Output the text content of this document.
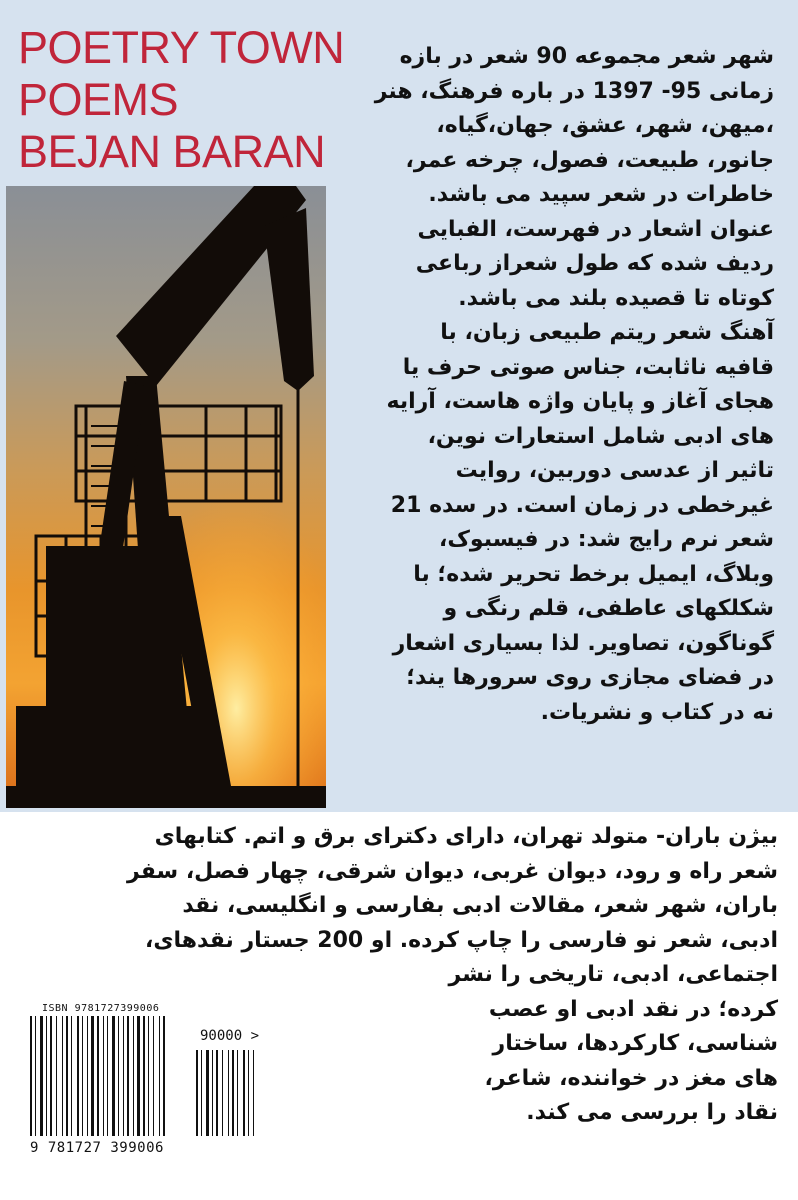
POETRY TOWN
POEMS
BEJAN BARAN
شهر شعر مجموعه 90 شعر در بازه
زمانی 95- 1397 در باره فرهنگ، هنر
،میهن، شهر، عشق، جهان،گیاه،
جانور، طبیعت، فصول، چرخه عمر،
خاطرات در شعر سپید می باشد.
عنوان اشعار در فهرست، الفبایی
ردیف شده که طول شعراز رباعی
کوتاه تا قصیده بلند می باشد.
آهنگ شعر ریتم طبیعی زبان، با
قافیه ناثابت، جناس صوتی حرف یا
هجای آغاز و پایان واژه هاست، آرایه
های ادبی شامل استعارات نوین،
تاثیر از عدسی دوربین، روایت
غیرخطی در زمان است. در سده 21
شعر نرم رایج شد: در فیسبوک،
وبلاگ، ایمیل برخط تحریر شده؛ با
شکلکهای عاطفی، قلم رنگی و
گوناگون، تصاویر. لذا بسیاری اشعار
در فضای مجازی روی سرورها یند؛
نه در کتاب و نشریات.
بیژن باران- متولد تهران، دارای دکترای برق و اتم. کتابهای
شعر راه و رود، دیوان غربی، دیوان شرقی، چهار فصل، سفر
باران، شهر شعر، مقالات ادبی بفارسی و انگلیسی، نقد
ادبی، شعر نو فارسی را چاپ کرده. او 200 جستار نقدهای،
اجتماعی، ادبی، تاریخی را نشر
کرده؛ در نقد ادبی او عصب
شناسی، کارکردها، ساختار
های مغز در خواننده، شاعر،
نقاد را بررسی می کند.
ISBN 9781727399006
90000 >
9 781727 399006
